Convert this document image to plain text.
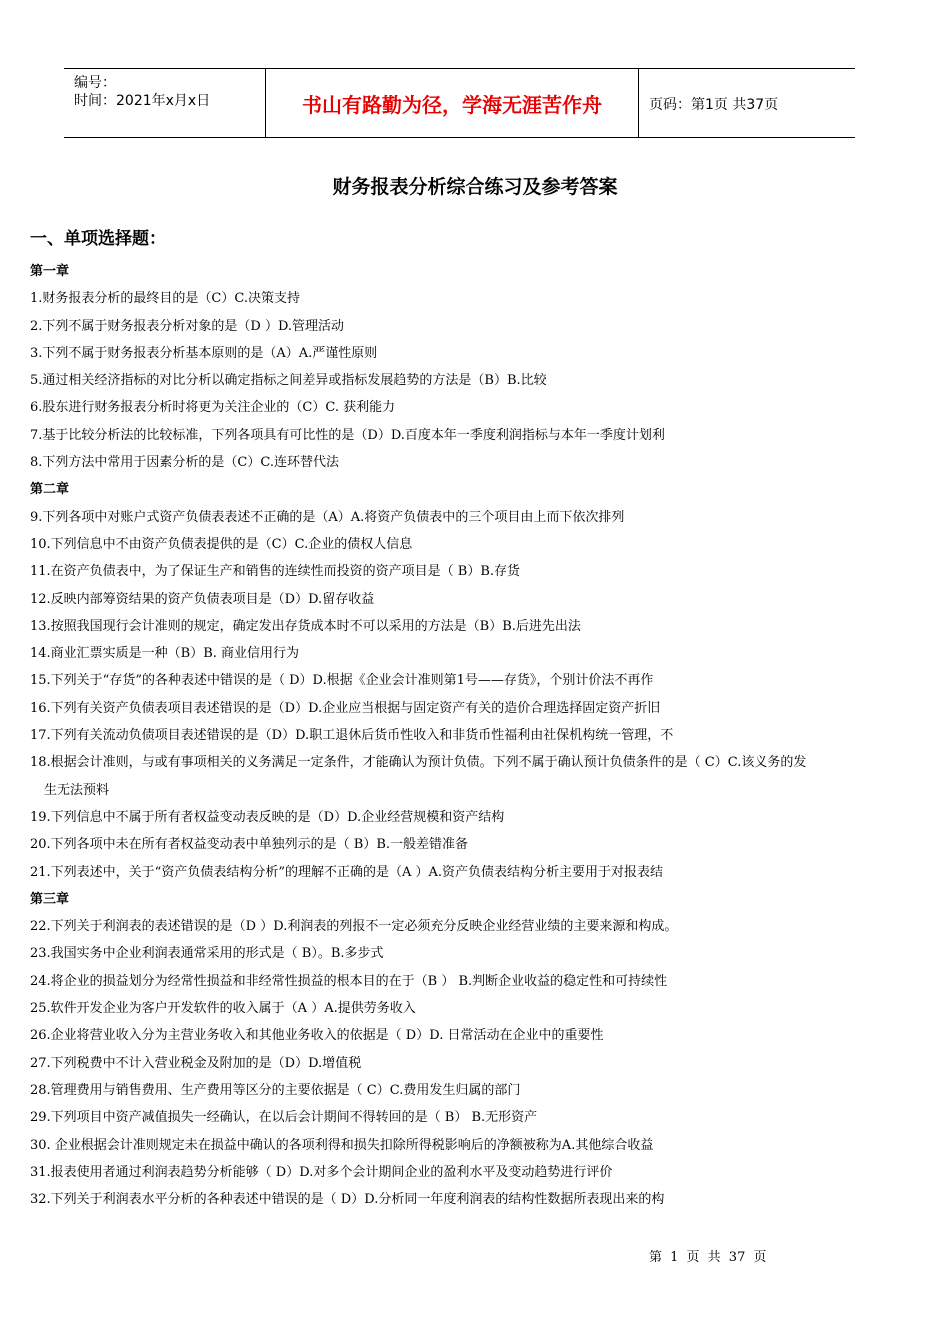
编号：
时间：2021年x月x日	书山有路勤为径，学海无涯苦作舟	页码：第1页 共37页
财务报表分析综合练习及参考答案
一、单项选择题：
第一章
1.财务报表分析的最终目的是（C）C.决策支持
2.下列不属于财务报表分析对象的是（D ）D.管理活动
3.下列不属于财务报表分析基本原则的是（A）A.严谨性原则
5.通过相关经济指标的对比分析以确定指标之间差异或指标发展趋势的方法是（B）B.比较
6.股东进行财务报表分析时将更为关注企业的（C）C. 获利能力
7.基于比较分析法的比较标准，下列各项具有可比性的是（D）D.百度本年一季度利润指标与本年一季度计划利
8.下列方法中常用于因素分析的是（C）C.连环替代法
第二章
9.下列各项中对账户式资产负债表表述不正确的是（A）A.将资产负债表中的三个项目由上而下依次排列
10.下列信息中不由资产负债表提供的是（C）C.企业的债权人信息
11.在资产负债表中，为了保证生产和销售的连续性而投资的资产项目是（ B）B.存货
12.反映内部筹资结果的资产负债表项目是（D）D.留存收益
13.按照我国现行会计准则的规定，确定发出存货成本时不可以采用的方法是（B）B.后进先出法
14.商业汇票实质是一种（B）B. 商业信用行为
15.下列关于“存货”的各种表述中错误的是（ D）D.根据《企业会计准则第1号——存货》，个别计价法不再作
16.下列有关资产负债表项目表述错误的是（D）D.企业应当根据与固定资产有关的造价合理选择固定资产折旧
17.下列有关流动负债项目表述错误的是（D）D.职工退休后货币性收入和非货币性福利由社保机构统一管理，不
18.根据会计准则，与或有事项相关的义务满足一定条件，才能确认为预计负债。下列不属于确认预计负债条件的是（ C）C.该义务的发
生无法预料
19.下列信息中不属于所有者权益变动表反映的是（D）D.企业经营规模和资产结构
20.下列各项中未在所有者权益变动表中单独列示的是（ B）B.一般差错准备
21.下列表述中，关于“资产负债表结构分析”的理解不正确的是（A ）A.资产负债表结构分析主要用于对报表结
第三章
22.下列关于利润表的表述错误的是（D ）D.利润表的列报不一定必须充分反映企业经营业绩的主要来源和构成。
23.我国实务中企业利润表通常采用的形式是（ B）。B.多步式
24.将企业的损益划分为经常性损益和非经常性损益的根本目的在于（B ） B.判断企业收益的稳定性和可持续性
25.软件开发企业为客户开发软件的收入属于（A ）A.提供劳务收入
26.企业将营业收入分为主营业务收入和其他业务收入的依据是（ D）D. 日常活动在企业中的重要性
27.下列税费中不计入营业税金及附加的是（D）D.增值税
28.管理费用与销售费用、生产费用等区分的主要依据是（ C）C.费用发生归属的部门
29.下列项目中资产减值损失一经确认，在以后会计期间不得转回的是（ B） B.无形资产
30. 企业根据会计准则规定未在损益中确认的各项利得和损失扣除所得税影响后的净额被称为A.其他综合收益
31.报表使用者通过利润表趋势分析能够（ D）D.对多个会计期间企业的盈利水平及变动趋势进行评价
32.下列关于利润表水平分析的各种表述中错误的是（ D）D.分析同一年度利润表的结构性数据所表现出来的构
第 1 页 共 37 页
